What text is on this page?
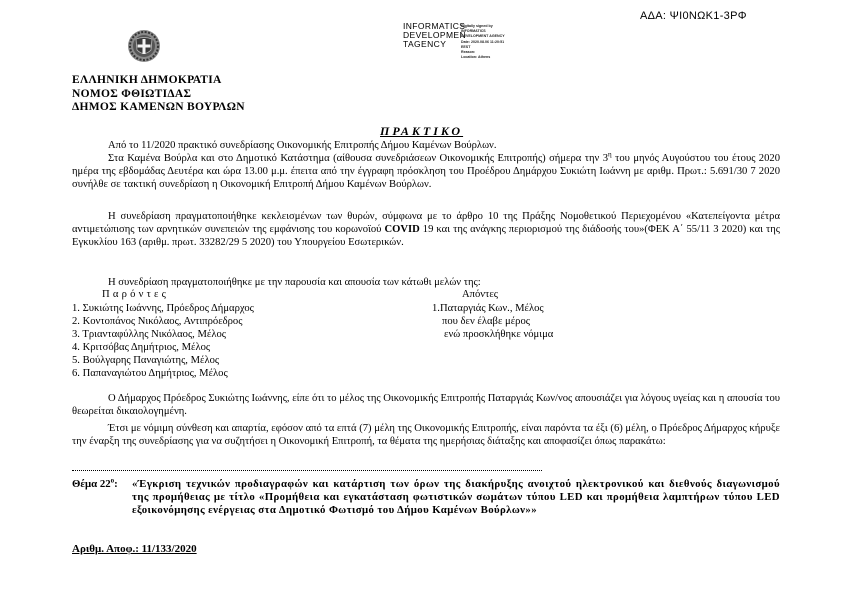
ΑΔΑ: ΨΙ0ΝΩΚ1-3ΡΦ
INFORMATICS
DEVELOPMEN
TAGENCY
Digitally signed by
INFORMATICS
DEVELOPMENT AGENCY
Date: 2020.08.06 11:20:51
EEST
Reason:
Location: Athens
ΕΛΛΗΝΙΚΗ ΔΗΜΟΚΡΑΤΙΑ
ΝΟΜΟΣ ΦΘΙΩΤΙΔΑΣ
ΔΗΜΟΣ ΚΑΜΕΝΩΝ ΒΟΥΡΛΩΝ
ΠΡΑΚΤΙΚΟ
Από το 11/2020 πρακτικό συνεδρίασης Οικονομικής Επιτροπής Δήμου Καμένων Βούρλων.
Στα Καμένα Βούρλα και στο Δημοτικό Κατάστημα (αίθουσα συνεδριάσεων Οικονομικής Επιτροπής) σήμερα την $3^\eta$ του μηνός Αυγούστου του έτους 2020 ημέρα της εβδομάδας Δευτέρα και ώρα 13.00 μ.μ. έπειτα από την έγγραφη πρόσκληση του Προέδρου Δημάρχου Συκιώτη Ιωάννη με αριθμ. Πρωτ.: 5.691/30 7 2020 συνήλθε σε τακτική συνεδρίαση η Οικονομική Επιτροπή Δήμου Καμένων Βούρλων.
Η συνεδρίαση πραγματοποιήθηκε κεκλεισμένων των θυρών, σύμφωνα με το άρθρο 10 της Πράξης Νομοθετικού Περιεχομένου «Κατεπείγοντα μέτρα αντιμετώπισης των αρνητικών συνεπειών της εμφάνισης του κορωνοϊού COVID 19 και της ανάγκης περιορισμού της διάδοσής του»(ΦΕΚ Α΄ 55/11 3 2020) και της Εγκυκλίου 163 (αριθμ. πρωτ. 33282/29 5 2020) του Υπουργείου Εσωτερικών.
Η συνεδρίαση πραγματοποιήθηκε με την παρουσία και απουσία των κάτωθι μελών της:
Παρόντες	Απόντες
1. Συκιώτης Ιωάννης, Πρόεδρος Δήμαρχος
2. Κοντοπάνος Νικόλαος, Αντιπρόεδρος
3. Τριανταφύλλης Νικόλαος, Μέλος
4. Κριτσόβας Δημήτριος, Μέλος
5. Βούλγαρης Παναγιώτης, Μέλος
6. Παπαναγιώτου Δημήτριος, Μέλος
1.Παταργιάς Κων., Μέλος
που δεν έλαβε μέρος
ενώ προσκλήθηκε νόμιμα
Ο Δήμαρχος Πρόεδρος Συκιώτης Ιωάννης, είπε ότι το μέλος της Οικονομικής Επιτροπής Παταργιάς Κων/νος απουσιάζει για λόγους υγείας και η απουσία του θεωρείται δικαιολογημένη.
Έτσι με νόμιμη σύνθεση και απαρτία, εφόσον από τα επτά (7) μέλη της Οικονομικής Επιτροπής, είναι παρόντα τα έξι (6) μέλη, ο Πρόεδρος Δήμαρχος κήρυξε την έναρξη της συνεδρίασης για να συζητήσει η Οικονομική Επιτροπή, τα θέματα της ημερήσιας διάταξης και αποφασίζει όπως παρακάτω:
Θέμα $22^o$: «Έγκριση τεχνικών προδιαγραφών και κατάρτιση των όρων της διακήρυξης ανοιχτού ηλεκτρονικού και διεθνούς διαγωνισμού της προμήθειας με τίτλο «Προμήθεια και εγκατάσταση φωτιστικών σωμάτων τύπου LED και προμήθεια λαμπτήρων τύπου LED εξοικονόμησης ενέργειας στα Δημοτικό Φωτισμό του Δήμου Καμένων Βούρλων»»
Αριθμ. Αποφ.: 11/133/2020
